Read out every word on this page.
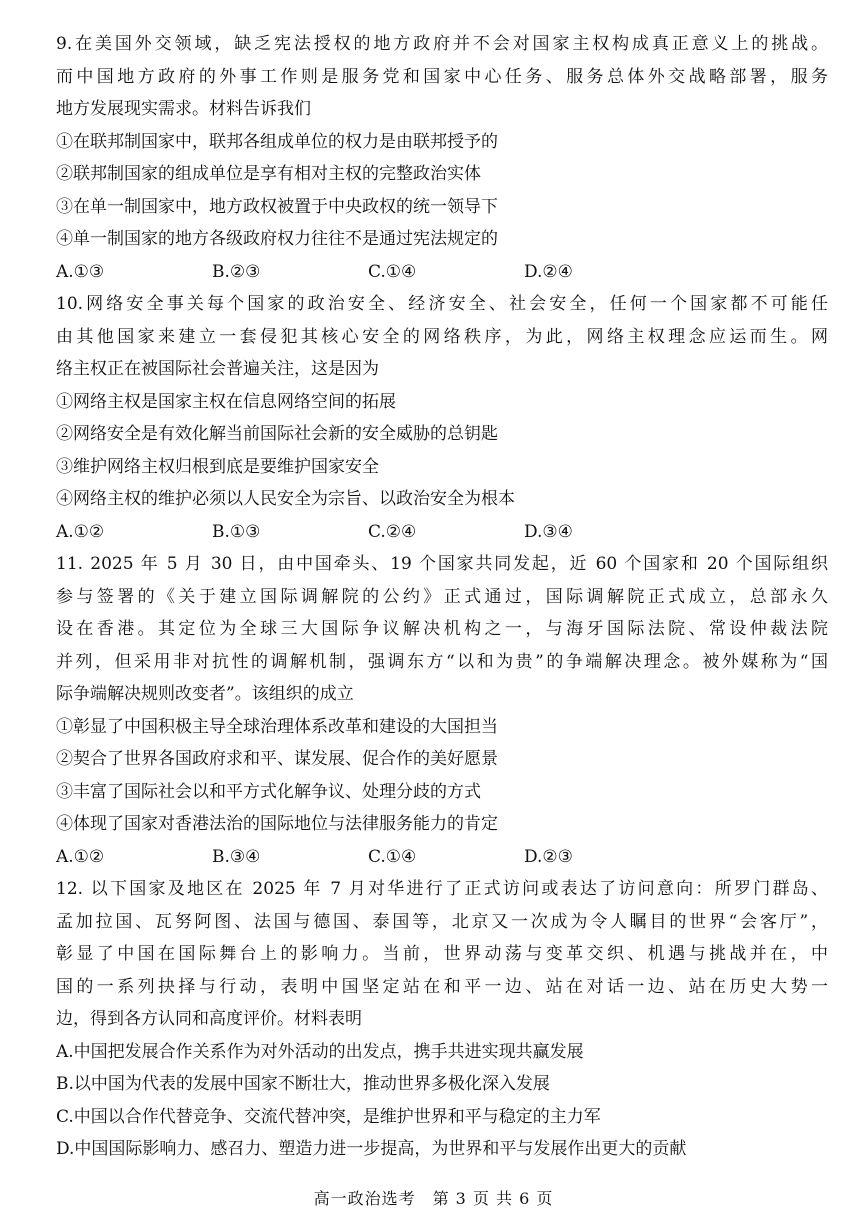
9.在美国外交领域，缺乏宪法授权的地方政府并不会对国家主权构成真正意义上的挑战。
而中国地方政府的外事工作则是服务党和国家中心任务、服务总体外交战略部署，服务
地方发展现实需求。材料告诉我们
①在联邦制国家中，联邦各组成单位的权力是由联邦授予的
②联邦制国家的组成单位是享有相对主权的完整政治实体
③在单一制国家中，地方政权被置于中央政权的统一领导下
④单一制国家的地方各级政府权力往往不是通过宪法规定的
A.①③	B.②③	C.①④	D.②④
10.网络安全事关每个国家的政治安全、经济安全、社会安全，任何一个国家都不可能任
由其他国家来建立一套侵犯其核心安全的网络秩序，为此，网络主权理念应运而生。网
络主权正在被国际社会普遍关注，这是因为
①网络主权是国家主权在信息网络空间的拓展
②网络安全是有效化解当前国际社会新的安全威胁的总钥匙
③维护网络主权归根到底是要维护国家安全
④网络主权的维护必须以人民安全为宗旨、以政治安全为根本
A.①②	B.①③	C.②④	D.③④
11. 2025 年 5 月 30 日，由中国牵头、19 个国家共同发起，近 60 个国家和 20 个国际组织
参与签署的《关于建立国际调解院的公约》正式通过，国际调解院正式成立，总部永久
设在香港。其定位为全球三大国际争议解决机构之一，与海牙国际法院、常设仲裁法院
并列，但采用非对抗性的调解机制，强调东方“以和为贵”的争端解决理念。被外媒称为“国
际争端解决规则改变者”。该组织的成立
①彰显了中国积极主导全球治理体系改革和建设的大国担当
②契合了世界各国政府求和平、谋发展、促合作的美好愿景
③丰富了国际社会以和平方式化解争议、处理分歧的方式
④体现了国家对香港法治的国际地位与法律服务能力的肯定
A.①②	B.③④	C.①④	D.②③
12. 以下国家及地区在 2025 年 7 月对华进行了正式访问或表达了访问意向：所罗门群岛、
孟加拉国、瓦努阿图、法国与德国、泰国等，北京又一次成为令人瞩目的世界“会客厅”，
彰显了中国在国际舞台上的影响力。当前，世界动荡与变革交织、机遇与挑战并在，中
国的一系列抉择与行动，表明中国坚定站在和平一边、站在对话一边、站在历史大势一
边，得到各方认同和高度评价。材料表明
A.中国把发展合作关系作为对外活动的出发点，携手共进实现共赢发展
B.以中国为代表的发展中国家不断壮大，推动世界多极化深入发展
C.中国以合作代替竞争、交流代替冲突，是维护世界和平与稳定的主力军
D.中国国际影响力、感召力、塑造力进一步提高，为世界和平与发展作出更大的贡献
高一政治选考　第 3 页 共 6 页
